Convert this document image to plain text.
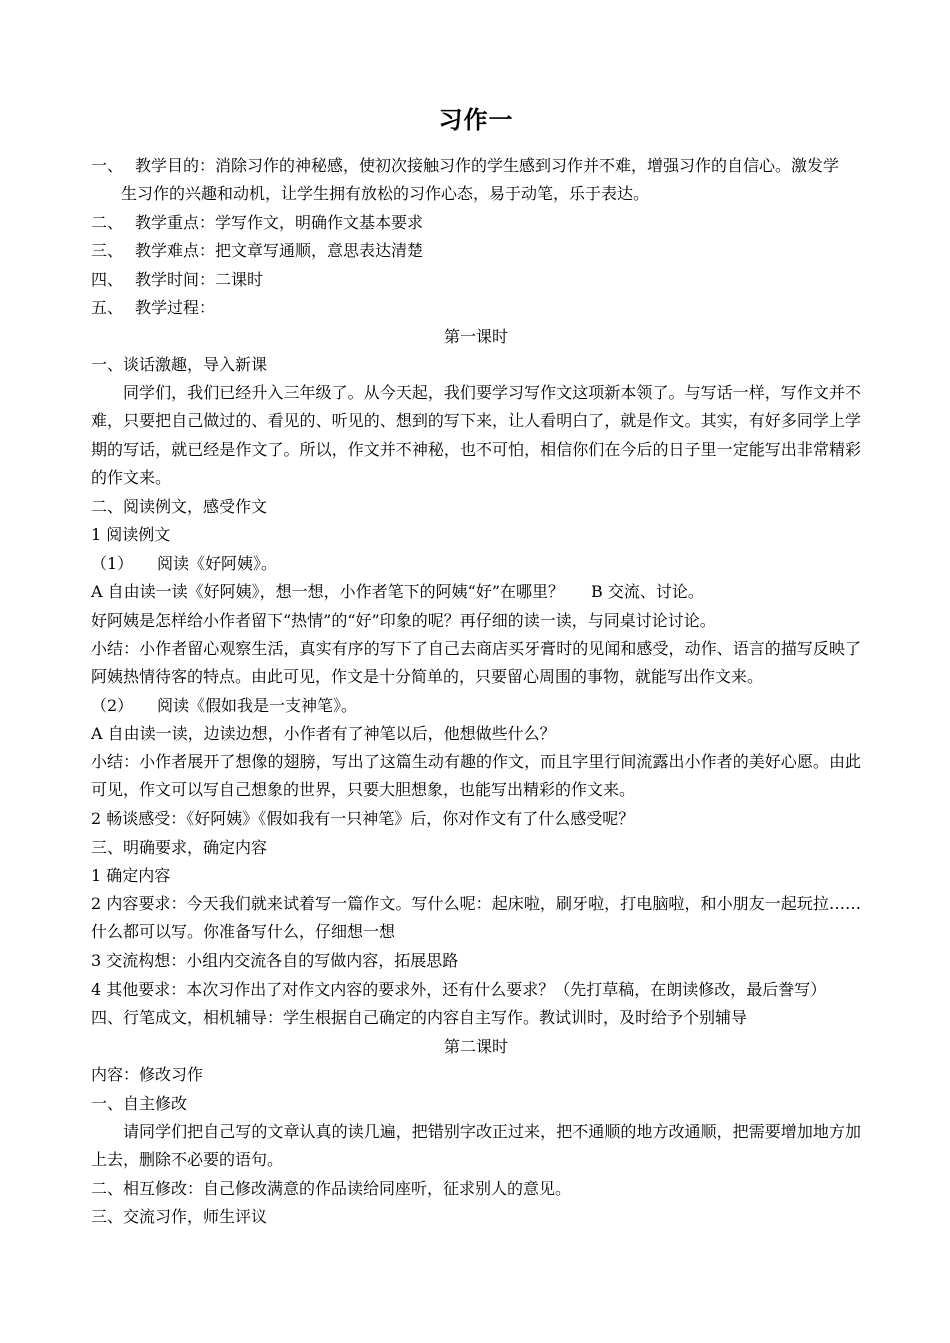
习作一
一、 教学目的：消除习作的神秘感，使初次接触习作的学生感到习作并不难，增强习作的自信心。激发学
生习作的兴趣和动机，让学生拥有放松的习作心态，易于动笔，乐于表达。
二、 教学重点：学写作文，明确作文基本要求
三、 教学难点：把文章写通顺，意思表达清楚
四、 教学时间：二课时
五、 教学过程：
第一课时
一、谈话激趣，导入新课
同学们，我们已经升入三年级了。从今天起，我们要学习写作文这项新本领了。与写话一样，写作文并不难，只要把自己做过的、看见的、听见的、想到的写下来，让人看明白了，就是作文。其实，有好多同学上学期的写话，就已经是作文了。所以，作文并不神秘，也不可怕，相信你们在今后的日子里一定能写出非常精彩的作文来。
二、阅读例文，感受作文
1 阅读例文
（1） 阅读《好阿姨》。
A 自由读一读《好阿姨》，想一想，小作者笔下的阿姨“好”在哪里？ B 交流、讨论。
好阿姨是怎样给小作者留下“热情”的“好”印象的呢？再仔细的读一读，与同桌讨论讨论。
小结：小作者留心观察生活，真实有序的写下了自己去商店买牙膏时的见闻和感受，动作、语言的描写反映了阿姨热情待客的特点。由此可见，作文是十分简单的，只要留心周围的事物，就能写出作文来。
（2） 阅读《假如我是一支神笔》。
A 自由读一读，边读边想，小作者有了神笔以后，他想做些什么？
小结：小作者展开了想像的翅膀，写出了这篇生动有趣的作文，而且字里行间流露出小作者的美好心愿。由此可见，作文可以写自己想象的世界，只要大胆想象，也能写出精彩的作文来。
2 畅谈感受：《好阿姨》《假如我有一只神笔》后，你对作文有了什么感受呢？
三、明确要求，确定内容
1 确定内容
2 内容要求：今天我们就来试着写一篇作文。写什么呢：起床啦，刷牙啦，打电脑啦，和小朋友一起玩拉……什么都可以写。你准备写什么，仔细想一想
3 交流构想：小组内交流各自的写做内容，拓展思路
4 其他要求：本次习作出了对作文内容的要求外，还有什么要求？（先打草稿，在朗读修改，最后誊写）
四、行笔成文，相机辅导：学生根据自己确定的内容自主写作。教试训时，及时给予个别辅导
第二课时
内容：修改习作
一、自主修改
请同学们把自己写的文章认真的读几遍，把错别字改正过来，把不通顺的地方改通顺，把需要增加地方加上去，删除不必要的语句。
二、相互修改：自己修改满意的作品读给同座听，征求别人的意见。
三、交流习作，师生评议
